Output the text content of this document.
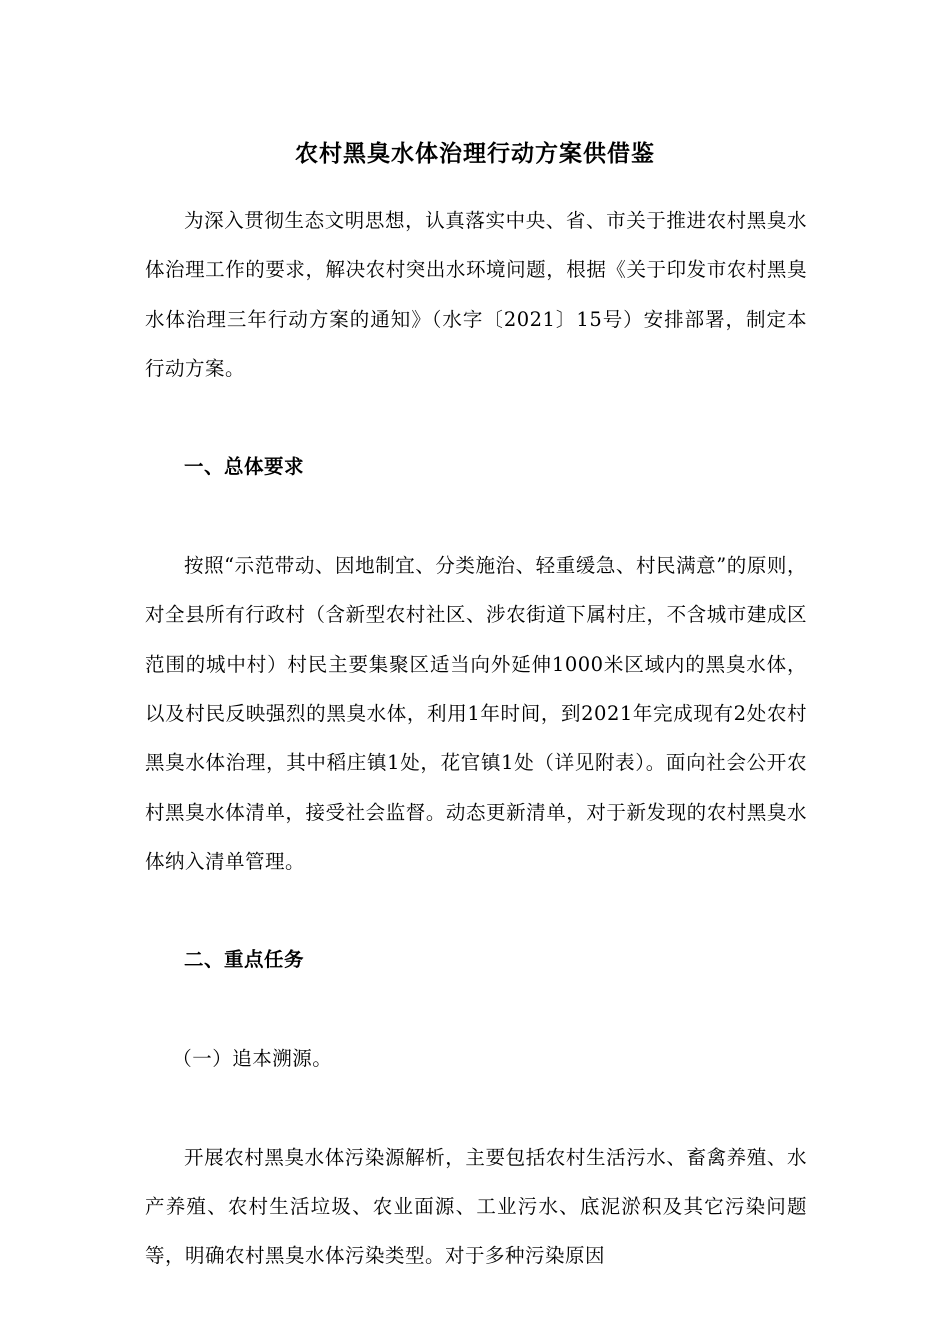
农村黑臭水体治理行动方案供借鉴

为深入贯彻生态文明思想，认真落实中央、省、市关于推进农村黑臭水体治理工作的要求，解决农村突出水环境问题，根据《关于印发市农村黑臭水体治理三年行动方案的通知》（水字〔2021〕15号）安排部署，制定本行动方案。

一、总体要求

按照“示范带动、因地制宜、分类施治、轻重缓急、村民满意”的原则，对全县所有行政村（含新型农村社区、涉农街道下属村庄，不含城市建成区范围的城中村）村民主要集聚区适当向外延伸1000米区域内的黑臭水体，以及村民反映强烈的黑臭水体，利用1年时间，到2021年完成现有2处农村黑臭水体治理，其中稻庄镇1处，花官镇1处（详见附表）。面向社会公开农村黑臭水体清单，接受社会监督。动态更新清单，对于新发现的农村黑臭水体纳入清单管理。

二、重点任务

（一）追本溯源。

开展农村黑臭水体污染源解析，主要包括农村生活污水、畜禽养殖、水产养殖、农村生活垃圾、农业面源、工业污水、底泥淤积及其它污染问题等，明确农村黑臭水体污染类型。对于多种污染原因
